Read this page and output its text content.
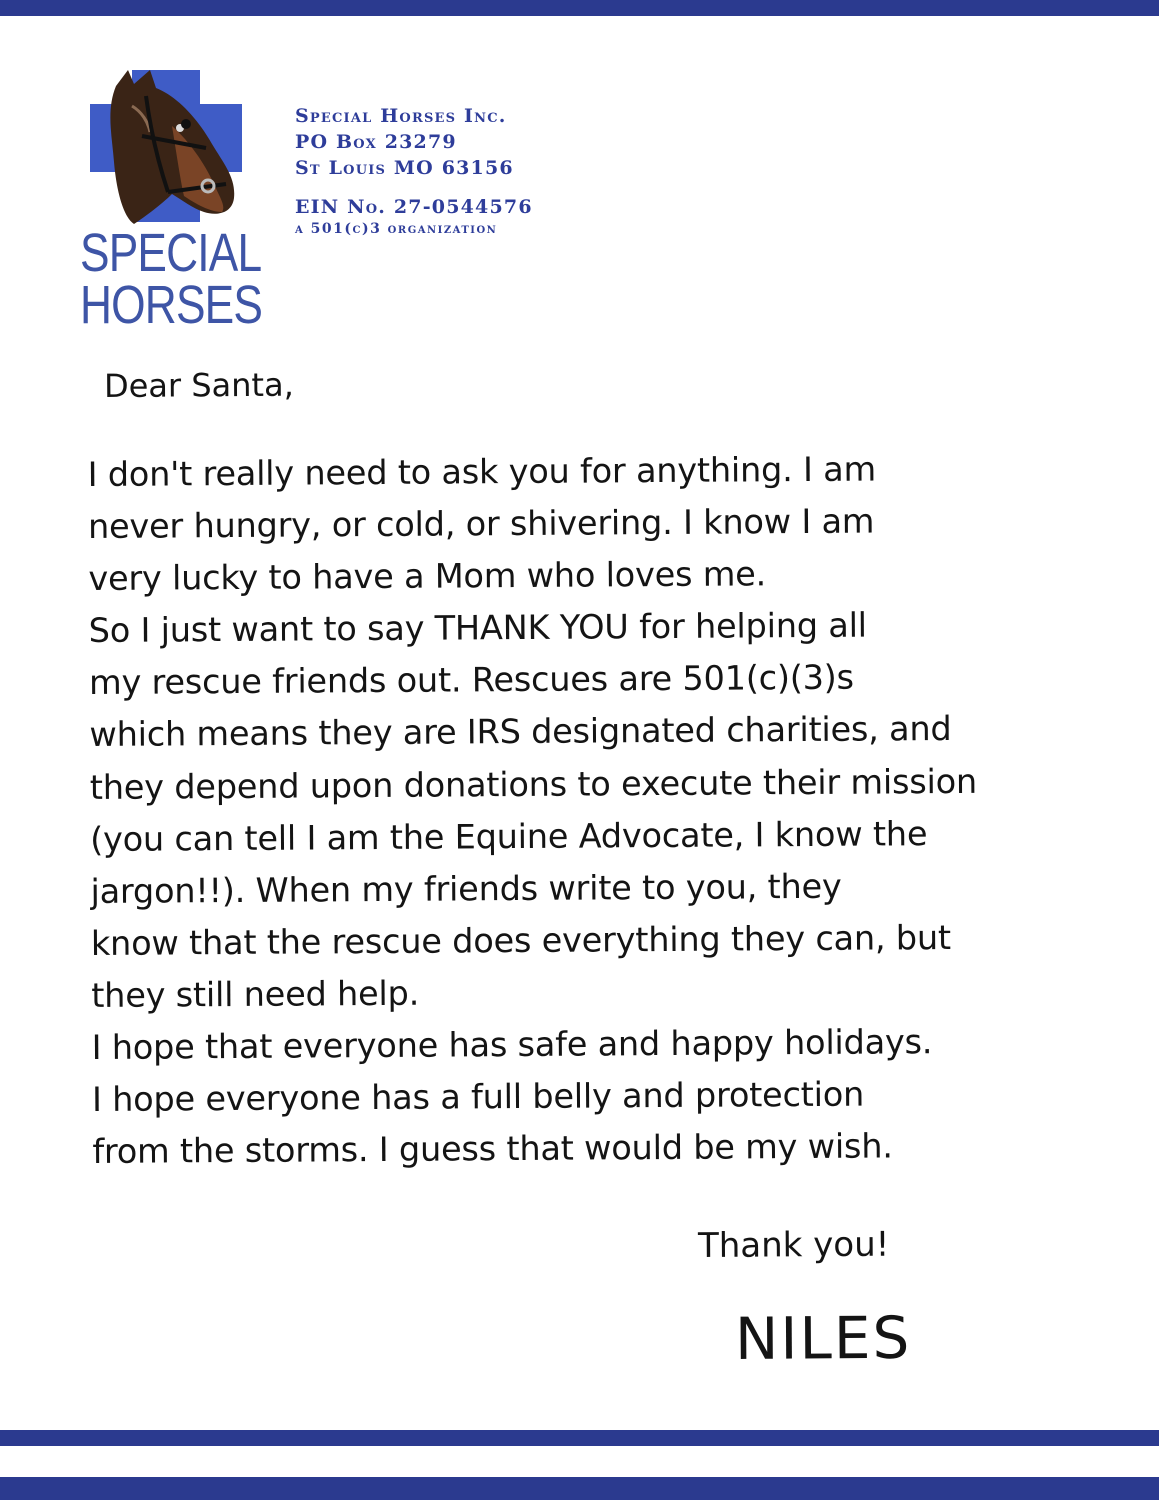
SPECIAL
HORSES
Special Horses Inc.
PO Box 23279
St Louis MO 63156
EIN No. 27-0544576
a 501(c)3 organization
Dear Santa,
I don't really need to ask you for anything. I am
never hungry, or cold, or shivering. I know I am
very lucky to have a Mom who loves me.
So I just want to say THANK YOU for helping all
my rescue friends out. Rescues are 501(c)(3)s
which means they are IRS designated charities, and
they depend upon donations to execute their mission
(you can tell I am the Equine Advocate, I know the
jargon!!). When my friends write to you, they
know that the rescue does everything they can, but
they still need help.
I hope that everyone has safe and happy holidays.
I hope everyone has a full belly and protection
from the storms. I guess that would be my wish.
Thank you!
NILES
